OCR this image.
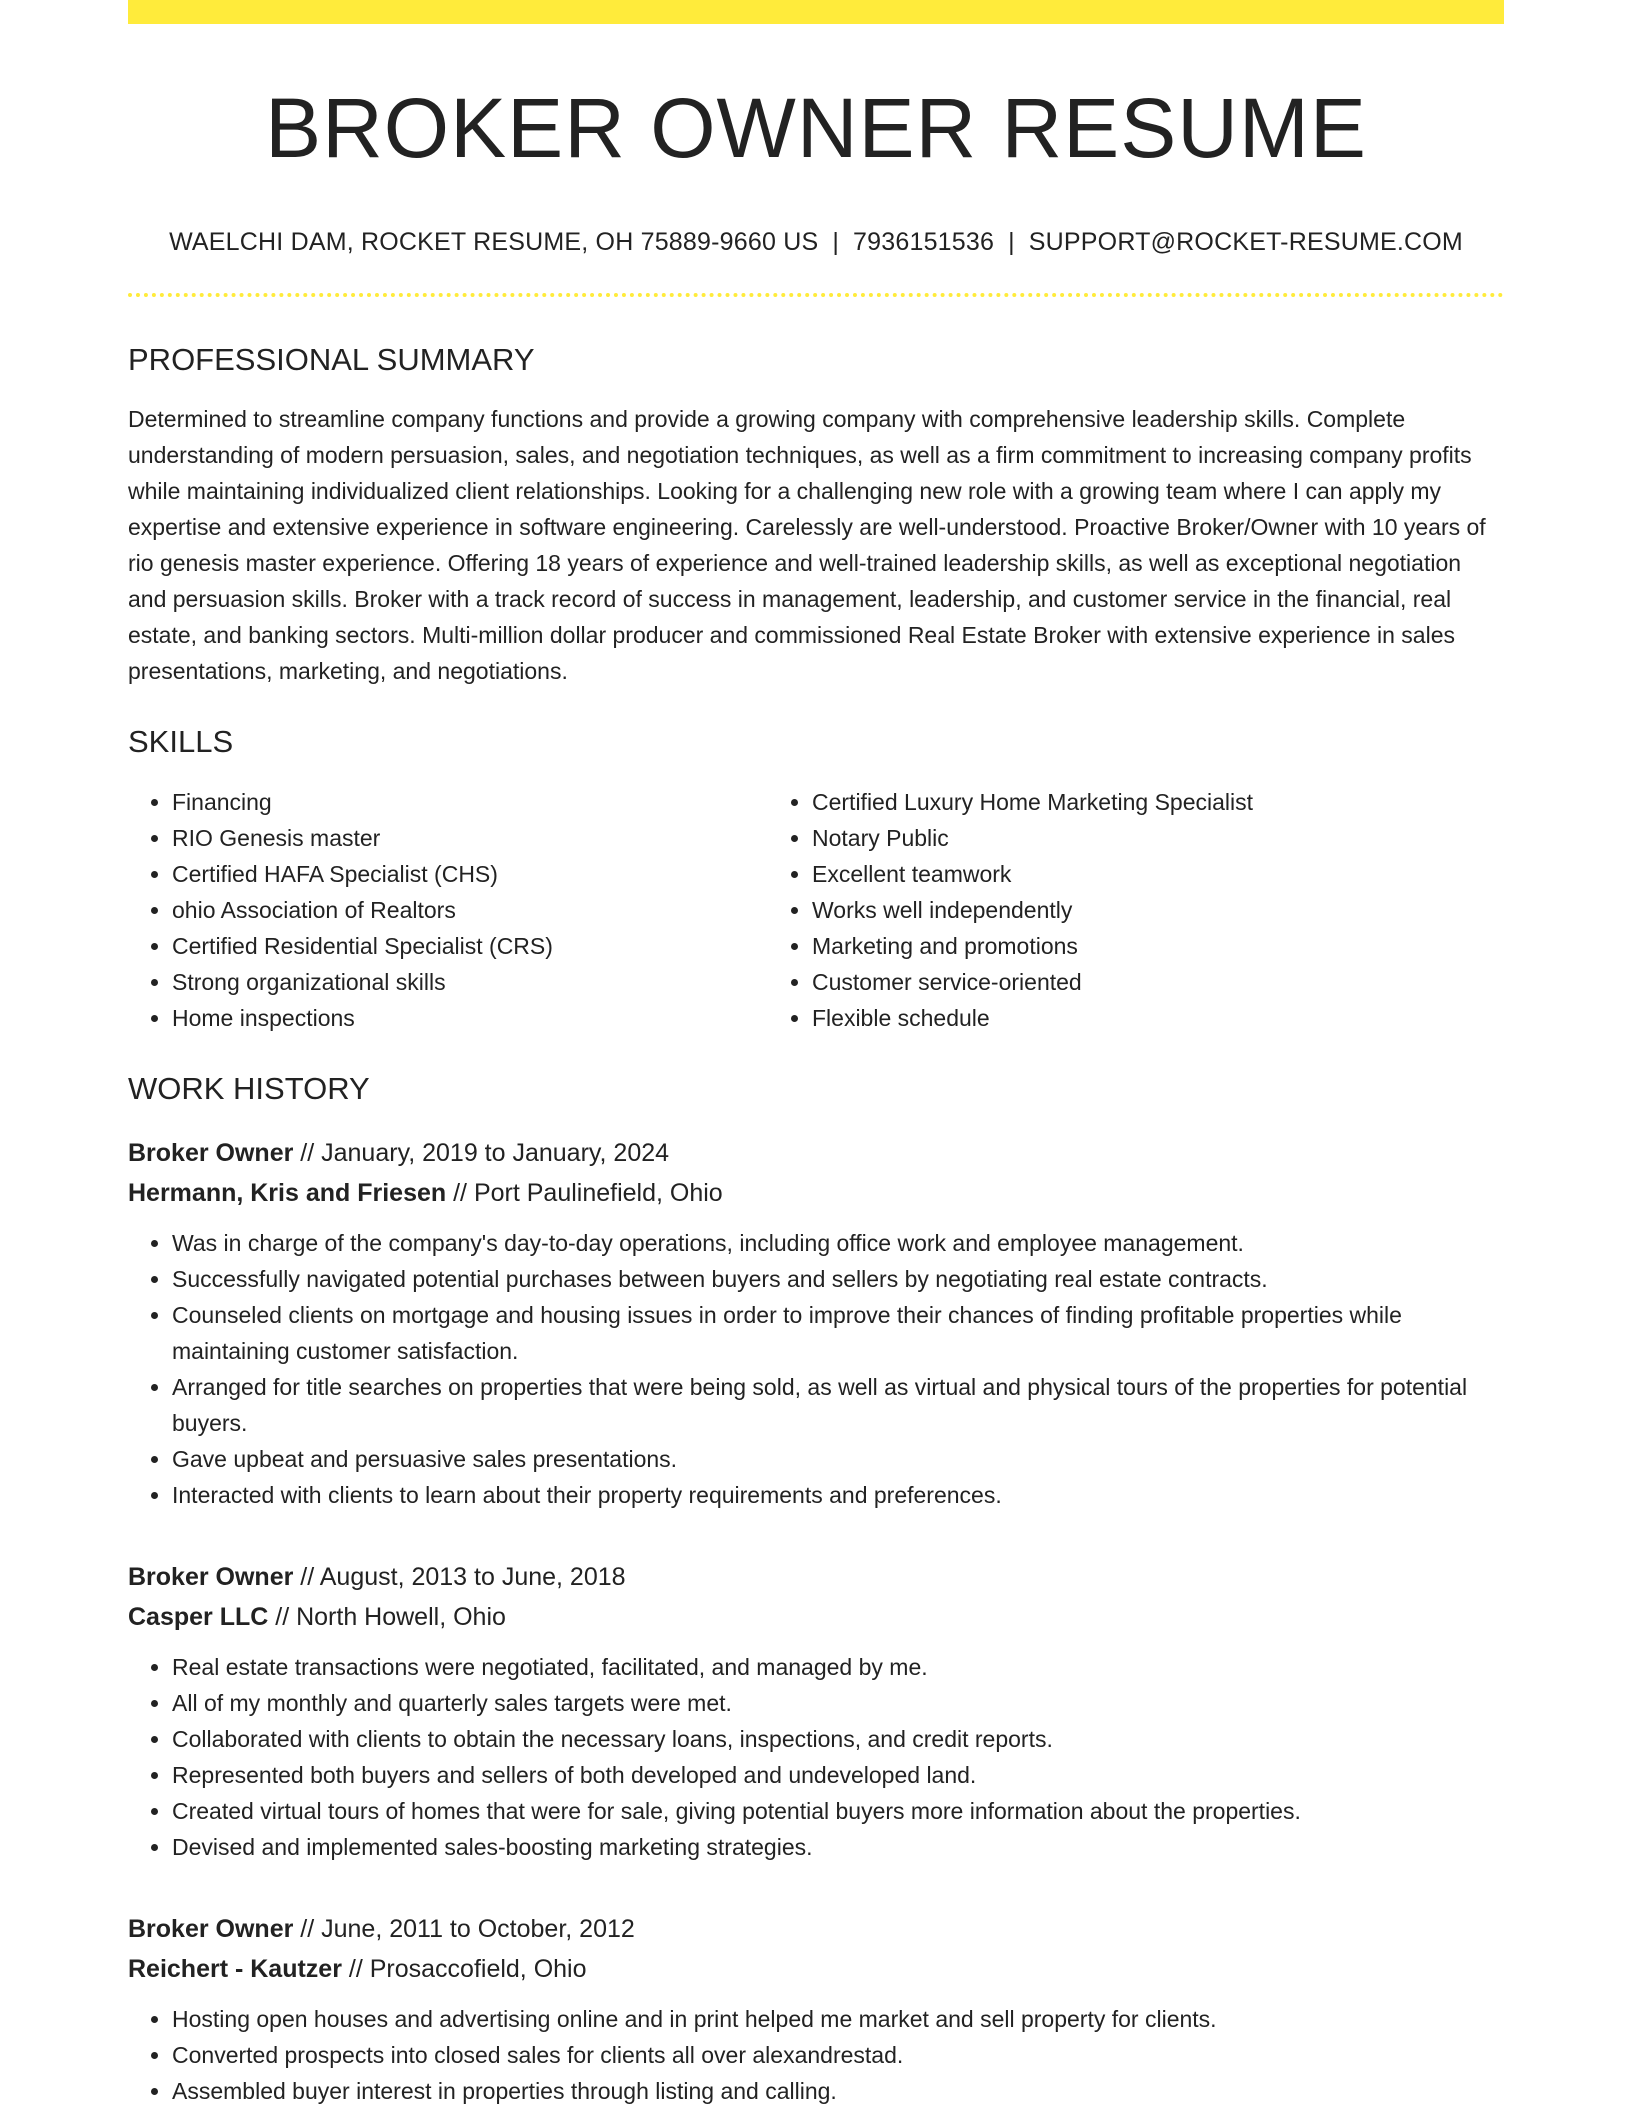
BROKER OWNER RESUME
WAELCHI DAM, ROCKET RESUME, OH 75889-9660 US | 7936151536 | SUPPORT@ROCKET-RESUME.COM
PROFESSIONAL SUMMARY
Determined to streamline company functions and provide a growing company with comprehensive leadership skills. Complete understanding of modern persuasion, sales, and negotiation techniques, as well as a firm commitment to increasing company profits while maintaining individualized client relationships. Looking for a challenging new role with a growing team where I can apply my expertise and extensive experience in software engineering. Carelessly are well-understood. Proactive Broker/Owner with 10 years of rio genesis master experience. Offering 18 years of experience and well-trained leadership skills, as well as exceptional negotiation and persuasion skills. Broker with a track record of success in management, leadership, and customer service in the financial, real estate, and banking sectors. Multi-million dollar producer and commissioned Real Estate Broker with extensive experience in sales presentations, marketing, and negotiations.
SKILLS
• Financing
• RIO Genesis master
• Certified HAFA Specialist (CHS)
• ohio Association of Realtors
• Certified Residential Specialist (CRS)
• Strong organizational skills
• Home inspections
• Certified Luxury Home Marketing Specialist
• Notary Public
• Excellent teamwork
• Works well independently
• Marketing and promotions
• Customer service-oriented
• Flexible schedule
WORK HISTORY
Broker Owner // January, 2019 to January, 2024
Hermann, Kris and Friesen // Port Paulinefield, Ohio
• Was in charge of the company's day-to-day operations, including office work and employee management.
• Successfully navigated potential purchases between buyers and sellers by negotiating real estate contracts.
• Counseled clients on mortgage and housing issues in order to improve their chances of finding profitable properties while maintaining customer satisfaction.
• Arranged for title searches on properties that were being sold, as well as virtual and physical tours of the properties for potential buyers.
• Gave upbeat and persuasive sales presentations.
• Interacted with clients to learn about their property requirements and preferences.
Broker Owner // August, 2013 to June, 2018
Casper LLC // North Howell, Ohio
• Real estate transactions were negotiated, facilitated, and managed by me.
• All of my monthly and quarterly sales targets were met.
• Collaborated with clients to obtain the necessary loans, inspections, and credit reports.
• Represented both buyers and sellers of both developed and undeveloped land.
• Created virtual tours of homes that were for sale, giving potential buyers more information about the properties.
• Devised and implemented sales-boosting marketing strategies.
Broker Owner // June, 2011 to October, 2012
Reichert - Kautzer // Prosaccofield, Ohio
• Hosting open houses and advertising online and in print helped me market and sell property for clients.
• Converted prospects into closed sales for clients all over alexandrestad.
• Assembled buyer interest in properties through listing and calling.
